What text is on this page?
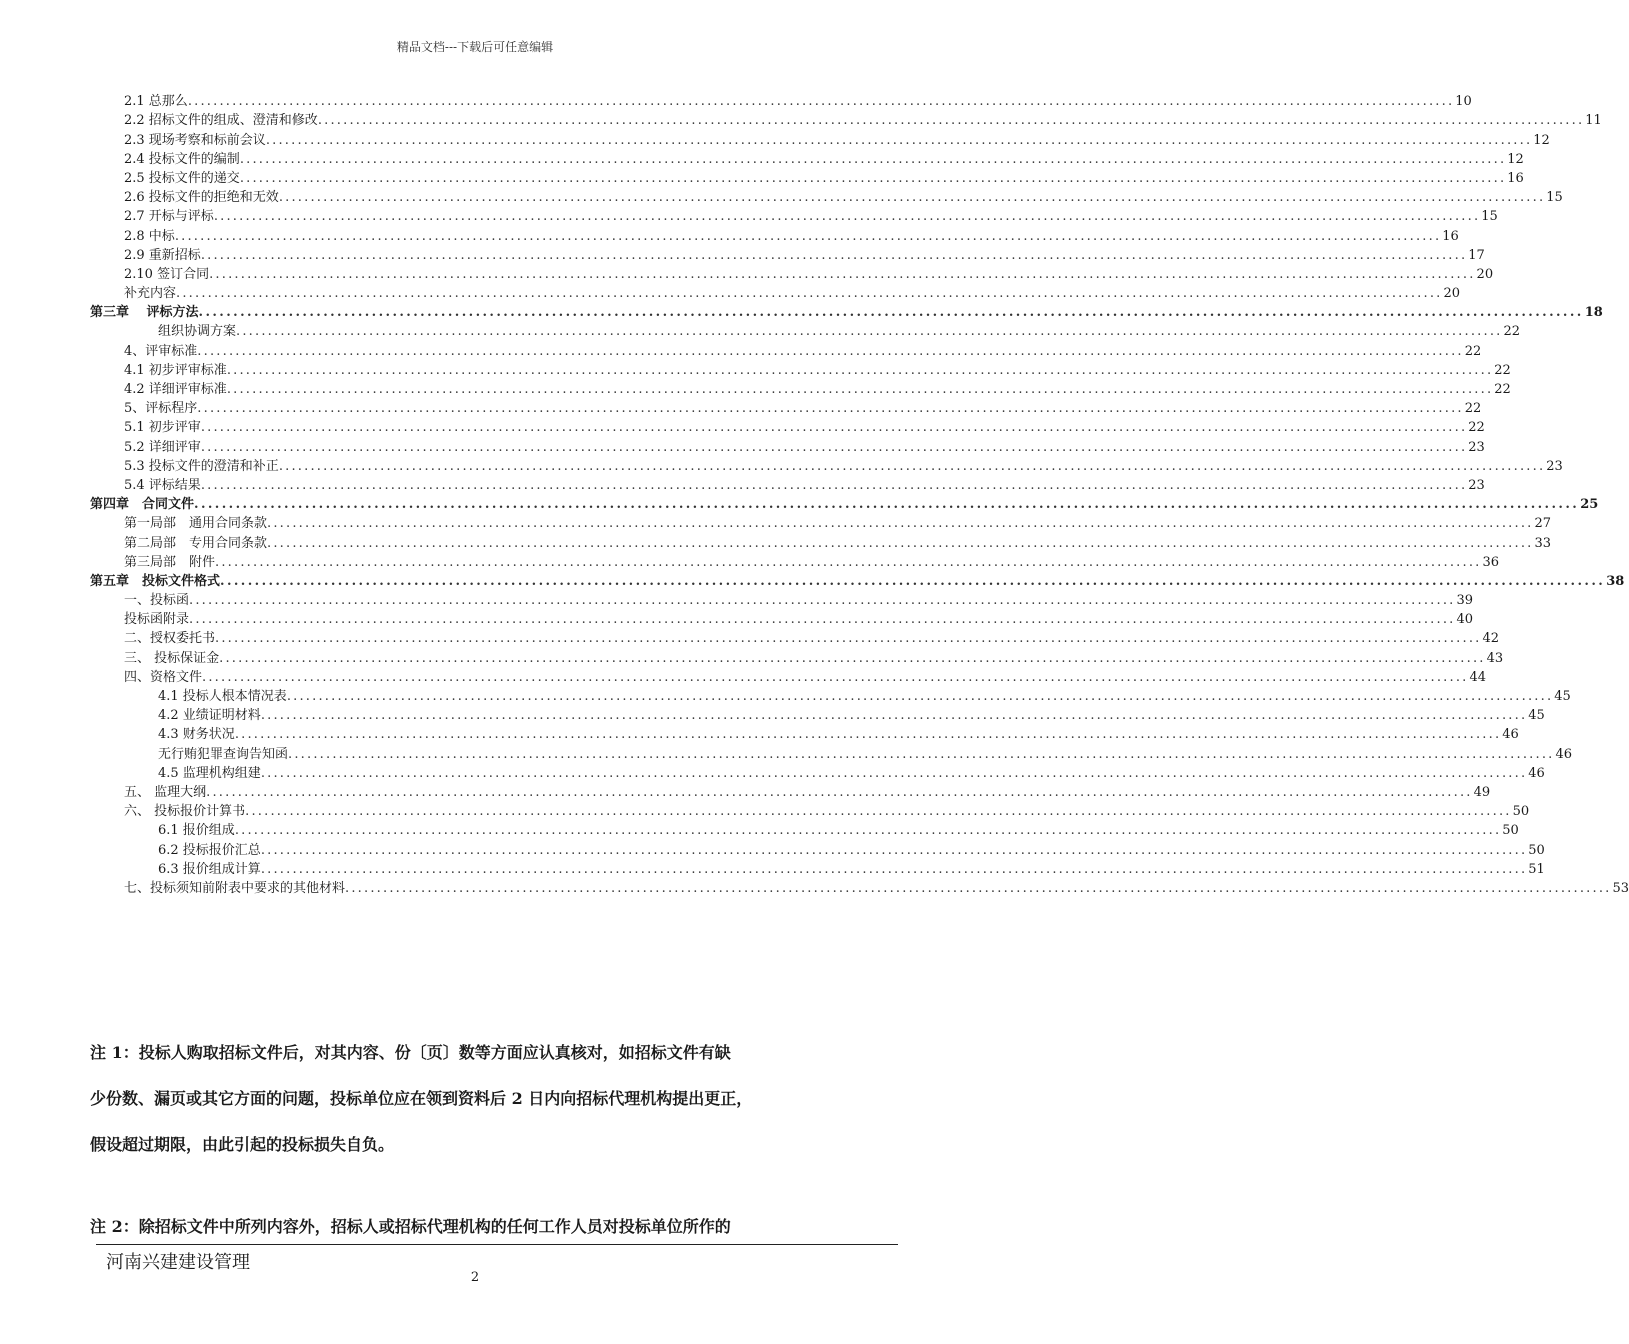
精品文档---下载后可任意编辑
2.1 总那么 ........................................................................................................................................................................................................ 10
2.2 招标文件的组成、澄清和修改 ........................................................................................................................................................................................................ 11
2.3 现场考察和标前会议 ........................................................................................................................................................................................................ 12
2.4 投标文件的编制 ........................................................................................................................................................................................................ 12
2.5 投标文件的递交 ........................................................................................................................................................................................................ 16
2.6 投标文件的拒绝和无效 ........................................................................................................................................................................................................ 15
2.7 开标与评标 ........................................................................................................................................................................................................ 15
2.8 中标 ........................................................................................................................................................................................................ 16
2.9 重新招标 ........................................................................................................................................................................................................ 17
2.10 签订合同 ........................................................................................................................................................................................................ 20
补充内容 ........................................................................................................................................................................................................ 20
第三章　 评标方法 ........................................................................................................................................................................................................ 18
组织协调方案 ........................................................................................................................................................................................................ 22
4、评审标准 ........................................................................................................................................................................................................ 22
4.1 初步评审标准 ........................................................................................................................................................................................................ 22
4.2 详细评审标准 ........................................................................................................................................................................................................ 22
5、评标程序 ........................................................................................................................................................................................................ 22
5.1 初步评审 ........................................................................................................................................................................................................ 22
5.2 详细评审 ........................................................................................................................................................................................................ 23
5.3 投标文件的澄清和补正 ........................................................................................................................................................................................................ 23
5.4 评标结果 ........................................................................................................................................................................................................ 23
第四章　合同文件 ........................................................................................................................................................................................................ 25
第一局部　通用合同条款 ........................................................................................................................................................................................................ 27
第二局部　专用合同条款 ........................................................................................................................................................................................................ 33
第三局部　附件 ........................................................................................................................................................................................................ 36
第五章　投标文件格式 ........................................................................................................................................................................................................ 38
一、投标函 ........................................................................................................................................................................................................ 39
投标函附录 ........................................................................................................................................................................................................ 40
二、授权委托书 ........................................................................................................................................................................................................ 42
三、 投标保证金 ........................................................................................................................................................................................................ 43
四、资格文件 ........................................................................................................................................................................................................ 44
4.1 投标人根本情况表 ........................................................................................................................................................................................................ 45
4.2 业绩证明材料 ........................................................................................................................................................................................................ 45
4.3 财务状况 ........................................................................................................................................................................................................ 46
无行贿犯罪查询告知函 ........................................................................................................................................................................................................ 46
4.5 监理机构组建 ........................................................................................................................................................................................................ 46
五、 监理大纲 ........................................................................................................................................................................................................ 49
六、 投标报价计算书 ........................................................................................................................................................................................................ 50
6.1 报价组成 ........................................................................................................................................................................................................ 50
6.2 投标报价汇总 ........................................................................................................................................................................................................ 50
6.3 报价组成计算 ........................................................................................................................................................................................................ 51
七、投标须知前附表中要求的其他材料 ........................................................................................................................................................................................................ 53
注 1：投标人购取招标文件后，对其内容、份〔页〕数等方面应认真核对，如招标文件有缺
少份数、漏页或其它方面的问题，投标单位应在领到资料后 2 日内向招标代理机构提出更正，
假设超过期限，由此引起的投标损失自负。
注 2：除招标文件中所列内容外，招标人或招标代理机构的任何工作人员对投标单位所作的
河南兴建建设管理
2
